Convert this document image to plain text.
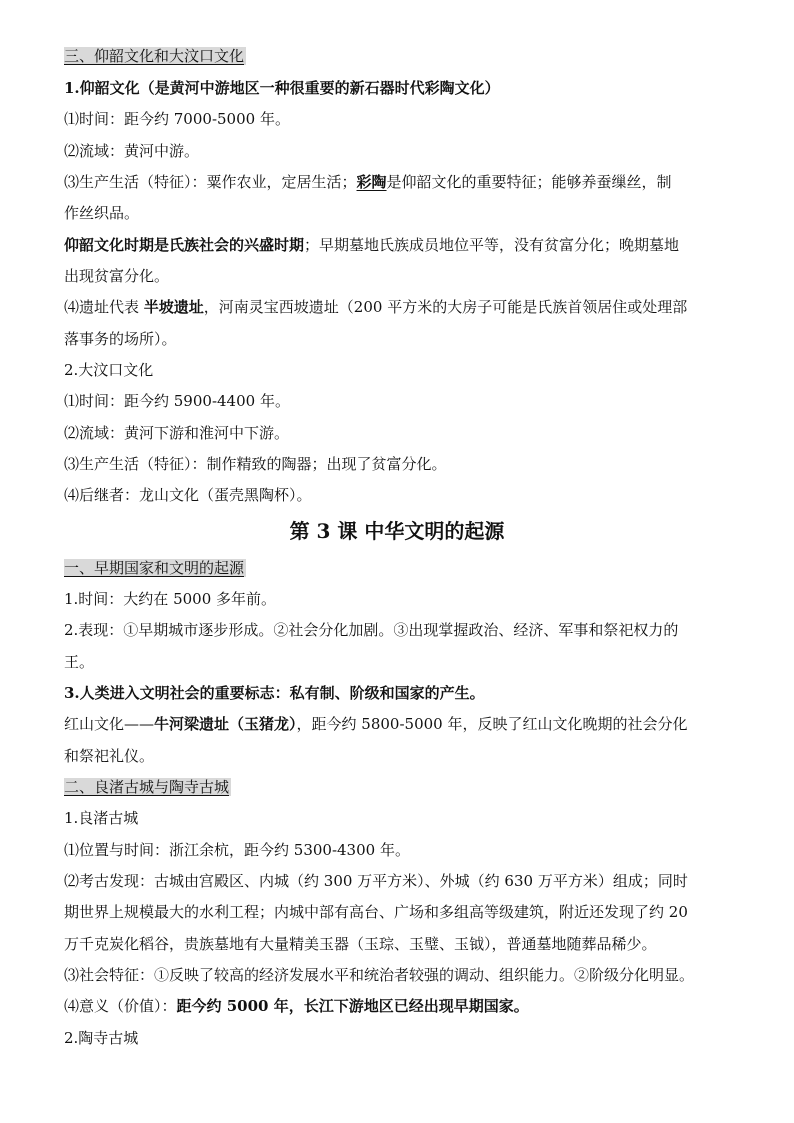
三、仰韶文化和大汶口文化
1.仰韶文化（是黄河中游地区一种很重要的新石器时代彩陶文化）
⑴时间：距今约 7000-5000 年。
⑵流域：黄河中游。
⑶生产生活（特征）：粟作农业，定居生活；彩陶是仰韶文化的重要特征；能够养蚕缫丝，制
作丝织品。
仰韶文化时期是氏族社会的兴盛时期；早期墓地氏族成员地位平等，没有贫富分化；晚期墓地
出现贫富分化。
⑷遗址代表 半坡遗址，河南灵宝西坡遗址（200 平方米的大房子可能是氏族首领居住或处理部
落事务的场所）。
2.大汶口文化
⑴时间：距今约 5900-4400 年。
⑵流域：黄河下游和淮河中下游。
⑶生产生活（特征）：制作精致的陶器；出现了贫富分化。
⑷后继者：龙山文化（蛋壳黑陶杯）。
第 3 课 中华文明的起源
一、早期国家和文明的起源
1.时间：大约在 5000 多年前。
2.表现：①早期城市逐步形成。②社会分化加剧。③出现掌握政治、经济、军事和祭祀权力的
王。
3.人类进入文明社会的重要标志：私有制、阶级和国家的产生。
红山文化——牛河梁遗址（玉猪龙），距今约 5800-5000 年，反映了红山文化晚期的社会分化
和祭祀礼仪。
二、良渚古城与陶寺古城
1.良渚古城
⑴位置与时间：浙江余杭，距今约 5300-4300 年。
⑵考古发现：古城由宫殿区、内城（约 300 万平方米）、外城（约 630 万平方米）组成；同时
期世界上规模最大的水利工程；内城中部有高台、广场和多组高等级建筑，附近还发现了约 20
万千克炭化稻谷，贵族墓地有大量精美玉器（玉琮、玉璧、玉钺），普通墓地随葬品稀少。
⑶社会特征：①反映了较高的经济发展水平和统治者较强的调动、组织能力。②阶级分化明显。
⑷意义（价值）：距今约 5000 年，长江下游地区已经出现早期国家。
2.陶寺古城
